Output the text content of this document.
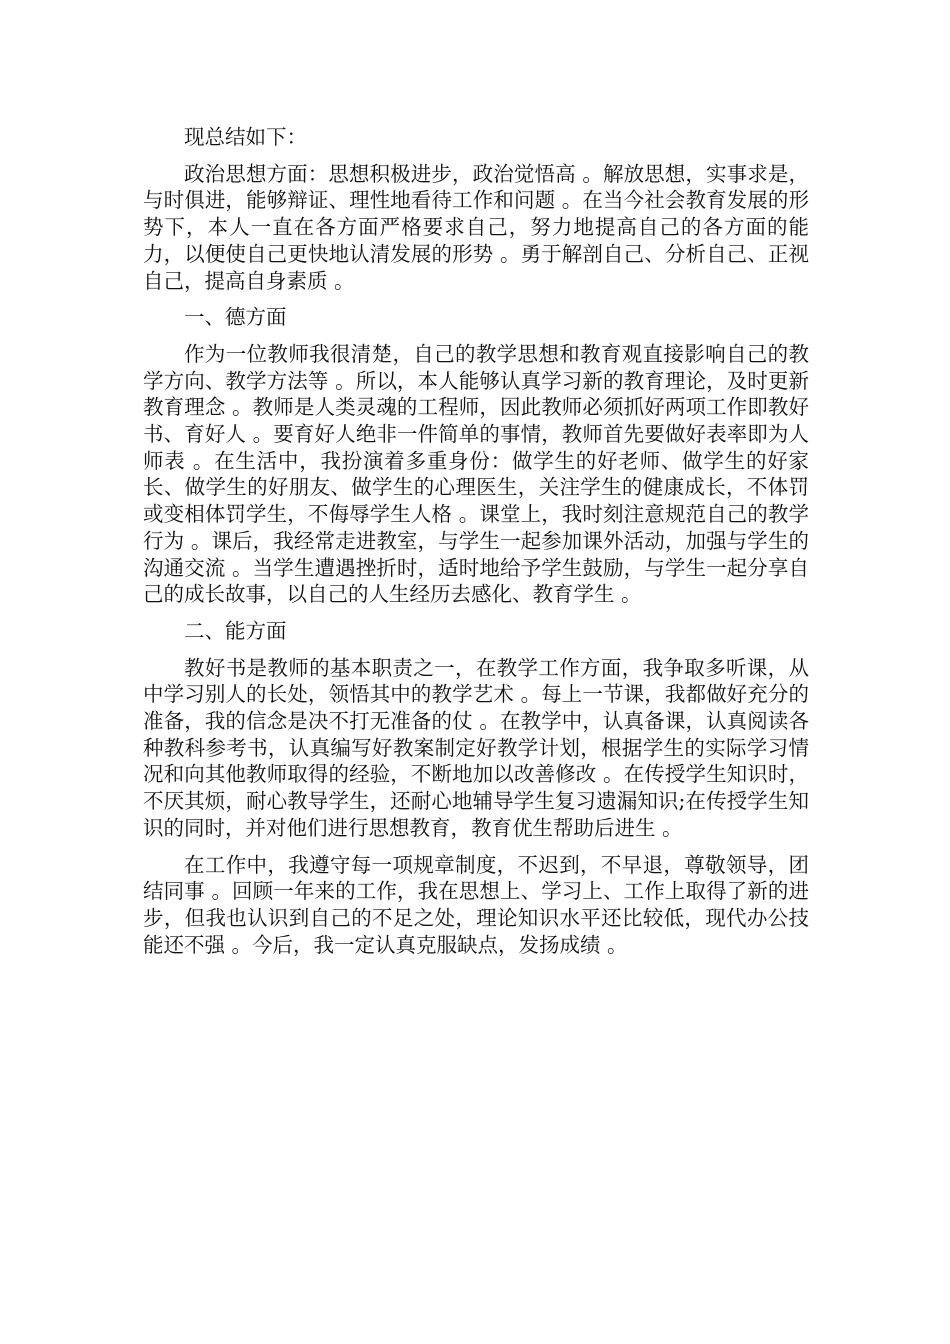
现总结如下：

政治思想方面：思想积极进步，政治觉悟高 。解放思想，实事求是，与时俱进，能够辩证、理性地看待工作和问题 。在当今社会教育发展的形势下，本人一直在各方面严格要求自己，努力地提高自己的各方面的能力，以便使自己更快地认清发展的形势 。勇于解剖自己、分析自己、正视自己，提高自身素质 。

一、德方面

作为一位教师我很清楚，自己的教学思想和教育观直接影响自己的教学方向、教学方法等 。所以，本人能够认真学习新的教育理论，及时更新教育理念 。教师是人类灵魂的工程师，因此教师必须抓好两项工作即教好书、育好人 。要育好人绝非一件简单的事情，教师首先要做好表率即为人师表 。在生活中，我扮演着多重身份：做学生的好老师、做学生的好家长、做学生的好朋友、做学生的心理医生，关注学生的健康成长，不体罚或变相体罚学生，不侮辱学生人格 。课堂上，我时刻注意规范自己的教学行为 。课后，我经常走进教室，与学生一起参加课外活动，加强与学生的沟通交流 。当学生遭遇挫折时，适时地给予学生鼓励，与学生一起分享自己的成长故事，以自己的人生经历去感化、教育学生 。

二、能方面

教好书是教师的基本职责之一，在教学工作方面，我争取多听课，从中学习别人的长处，领悟其中的教学艺术 。每上一节课，我都做好充分的准备，我的信念是决不打无准备的仗 。在教学中，认真备课，认真阅读各种教科参考书，认真编写好教案制定好教学计划，根据学生的实际学习情况和向其他教师取得的经验，不断地加以改善修改 。在传授学生知识时，不厌其烦，耐心教导学生，还耐心地辅导学生复习遗漏知识;在传授学生知识的同时，并对他们进行思想教育，教育优生帮助后进生 。

在工作中，我遵守每一项规章制度，不迟到，不早退，尊敬领导，团结同事 。回顾一年来的工作，我在思想上、学习上、工作上取得了新的进步，但我也认识到自己的不足之处，理论知识水平还比较低，现代办公技能还不强 。今后，我一定认真克服缺点，发扬成绩 。
